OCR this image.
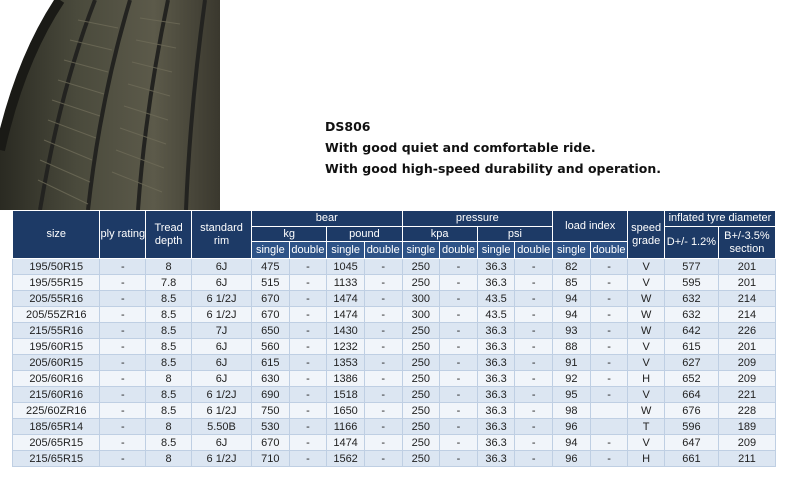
DS806
With good quiet and comfortable ride.
With good high-speed durability and operation.
size	ply rating	Tread depth	standard rim	bear				pressure				load index		speed grade	inflated tyre diameter	
				kg		pound		kpa		psi					D+/- 1.2%	B+/-3.5% section
				single	double	single	double	single	double	single	double	single	double			
195/50R15	-	8	6J	475	-	1045	-	250	-	36.3	-	82	-	V	577	201
195/55R15	-	7.8	6J	515	-	1133	-	250	-	36.3	-	85	-	V	595	201
205/55R16	-	8.5	6 1/2J	670	-	1474	-	300	-	43.5	-	94	-	W	632	214
205/55ZR16	-	8.5	6 1/2J	670	-	1474	-	300	-	43.5	-	94	-	W	632	214
215/55R16	-	8.5	7J	650	-	1430	-	250	-	36.3	-	93	-	W	642	226
195/60R15	-	8.5	6J	560	-	1232	-	250	-	36.3	-	88	-	V	615	201
205/60R15	-	8.5	6J	615	-	1353	-	250	-	36.3	-	91	-	V	627	209
205/60R16	-	8	6J	630	-	1386	-	250	-	36.3	-	92	-	H	652	209
215/60R16	-	8.5	6 1/2J	690	-	1518	-	250	-	36.3	-	95	-	V	664	221
225/60ZR16	-	8.5	6 1/2J	750	-	1650	-	250	-	36.3	-	98		W	676	228
185/65R14	-	8	5.50B	530	-	1166	-	250	-	36.3	-	96		T	596	189
205/65R15	-	8.5	6J	670	-	1474	-	250	-	36.3	-	94	-	V	647	209
215/65R15	-	8	6 1/2J	710	-	1562	-	250	-	36.3	-	96	-	H	661	211
